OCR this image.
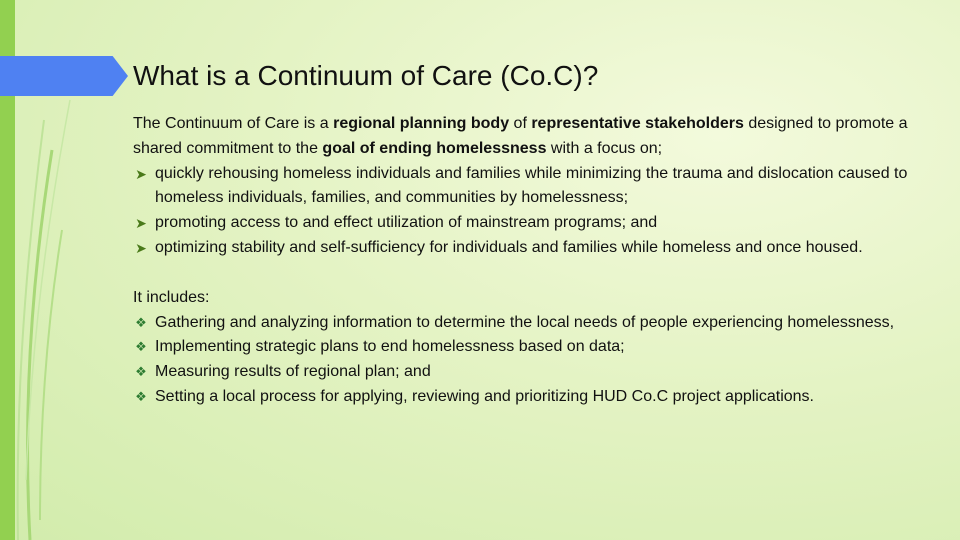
What is a Continuum of Care (Co.C)?

The Continuum of Care is a regional planning body of representative stakeholders designed to promote a shared commitment to the goal of ending homelessness with a focus on;

➤ quickly rehousing homeless individuals and families while minimizing the trauma and dislocation caused to homeless individuals, families, and communities by homelessness;
➤ promoting access to and effect utilization of mainstream programs; and
➤ optimizing stability and self-sufficiency for individuals and families while homeless and once housed.

It includes:

❖ Gathering and analyzing information to determine the local needs of people experiencing homelessness,
❖ Implementing strategic plans to end homelessness based on data;
❖ Measuring results of regional plan; and
❖ Setting a local process for applying, reviewing and prioritizing HUD Co.C project applications.
